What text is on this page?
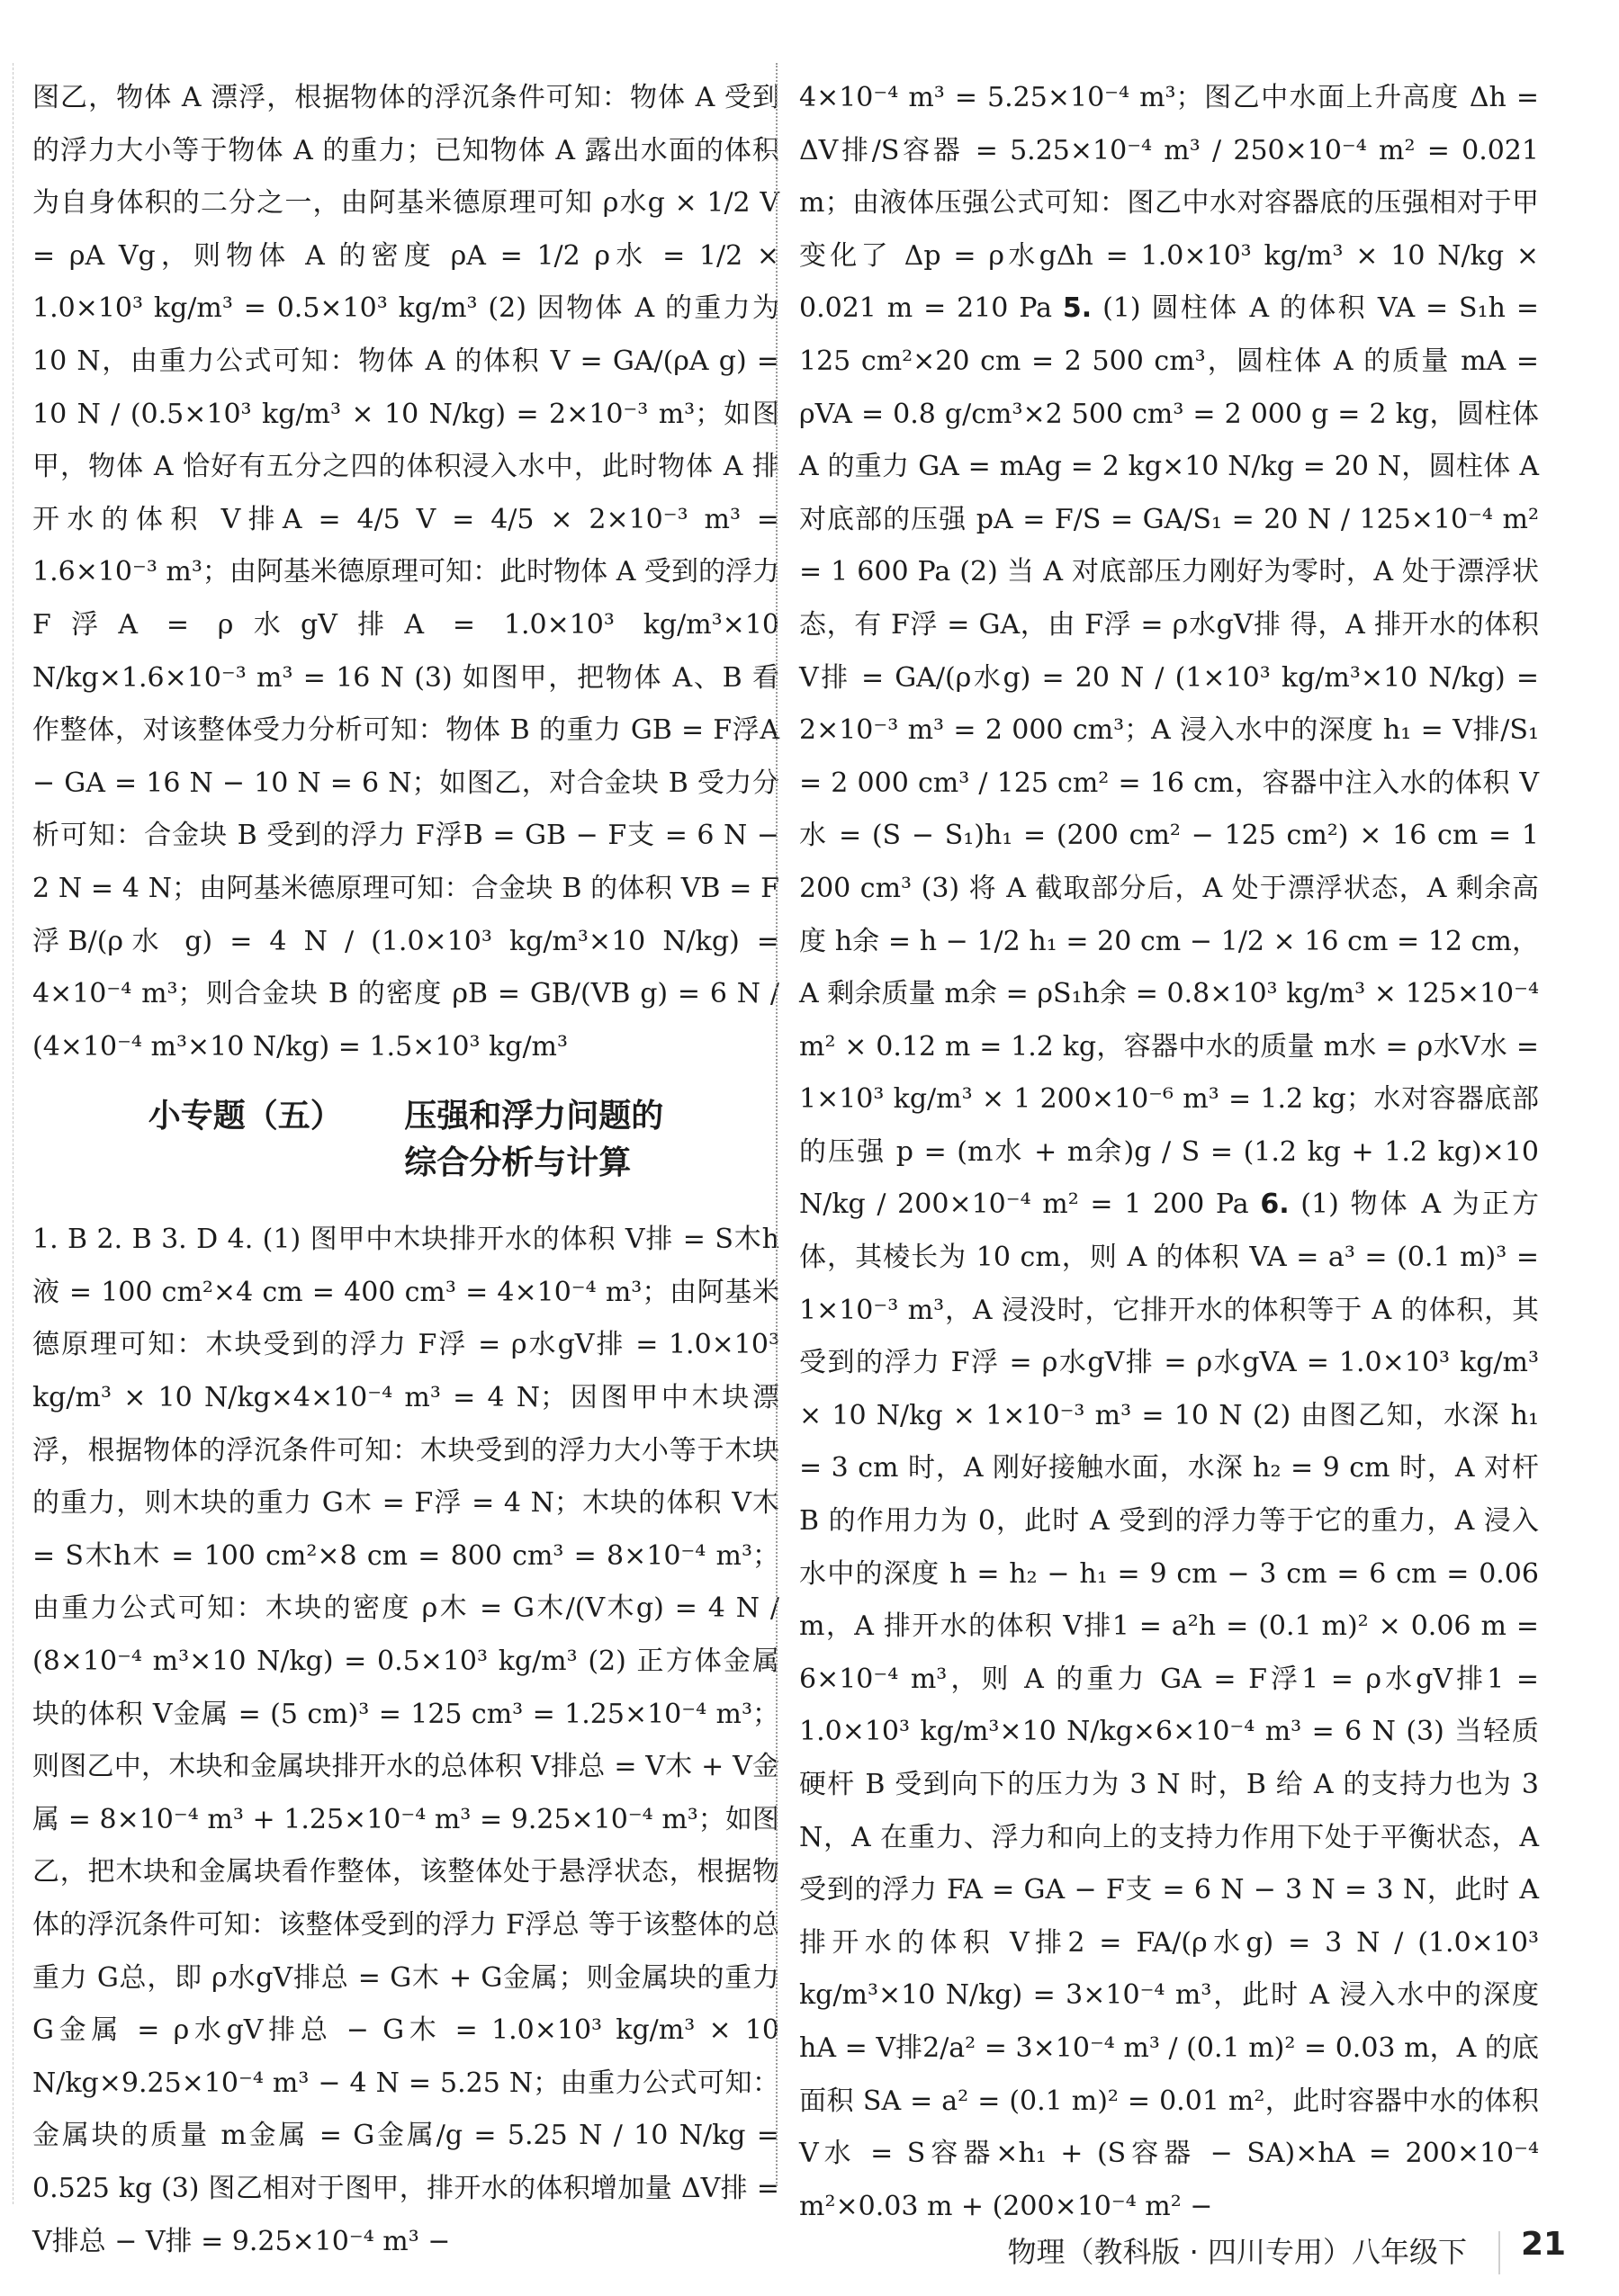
图乙，物体 A 漂浮，根据物体的浮沉条件可知：物体 A 受到的浮力大小等于物体 A 的重力；已知物体 A 露出水面的体积为自身体积的二分之一，由阿基米德原理可知 ρ水g × 1/2 V = ρA Vg，则物体 A 的密度 ρA = 1/2 ρ水 = 1/2 × 1.0×10³ kg/m³ = 0.5×10³ kg/m³ (2) 因物体 A 的重力为 10 N，由重力公式可知：物体 A 的体积 V = GA/(ρA g) = 10 N / (0.5×10³ kg/m³ × 10 N/kg) = 2×10⁻³ m³；如图甲，物体 A 恰好有五分之四的体积浸入水中，此时物体 A 排开水的体积 V排A = 4/5 V = 4/5 × 2×10⁻³ m³ = 1.6×10⁻³ m³；由阿基米德原理可知：此时物体 A 受到的浮力 F浮A = ρ水gV排A = 1.0×10³ kg/m³×10 N/kg×1.6×10⁻³ m³ = 16 N (3) 如图甲，把物体 A、B 看作整体，对该整体受力分析可知：物体 B 的重力 GB = F浮A − GA = 16 N − 10 N = 6 N；如图乙，对合金块 B 受力分析可知：合金块 B 受到的浮力 F浮B = GB − F支 = 6 N − 2 N = 4 N；由阿基米德原理可知：合金块 B 的体积 VB = F浮B/(ρ水 g) = 4 N / (1.0×10³ kg/m³×10 N/kg) = 4×10⁻⁴ m³；则合金块 B 的密度 ρB = GB/(VB g) = 6 N / (4×10⁻⁴ m³×10 N/kg) = 1.5×10³ kg/m³

小专题（五） 压强和浮力问题的
综合分析与计算

1. B 2. B 3. D 4. (1) 图甲中木块排开水的体积 V排 = S木h液 = 100 cm²×4 cm = 400 cm³ = 4×10⁻⁴ m³；由阿基米德原理可知：木块受到的浮力 F浮 = ρ水gV排 = 1.0×10³ kg/m³ × 10 N/kg×4×10⁻⁴ m³ = 4 N；因图甲中木块漂浮，根据物体的浮沉条件可知：木块受到的浮力大小等于木块的重力，则木块的重力 G木 = F浮 = 4 N；木块的体积 V木 = S木h木 = 100 cm²×8 cm = 800 cm³ = 8×10⁻⁴ m³；由重力公式可知：木块的密度 ρ木 = G木/(V木g) = 4 N / (8×10⁻⁴ m³×10 N/kg) = 0.5×10³ kg/m³ (2) 正方体金属块的体积 V金属 = (5 cm)³ = 125 cm³ = 1.25×10⁻⁴ m³；则图乙中，木块和金属块排开水的总体积 V排总 = V木 + V金属 = 8×10⁻⁴ m³ + 1.25×10⁻⁴ m³ = 9.25×10⁻⁴ m³；如图乙，把木块和金属块看作整体，该整体处于悬浮状态，根据物体的浮沉条件可知：该整体受到的浮力 F浮总 等于该整体的总重力 G总，即 ρ水gV排总 = G木 + G金属；则金属块的重力 G金属 = ρ水gV排总 − G木 = 1.0×10³ kg/m³ × 10 N/kg×9.25×10⁻⁴ m³ − 4 N = 5.25 N；由重力公式可知：金属块的质量 m金属 = G金属/g = 5.25 N / 10 N/kg = 0.525 kg (3) 图乙相对于图甲，排开水的体积增加量 ΔV排 = V排总 − V排 = 9.25×10⁻⁴ m³ −

4×10⁻⁴ m³ = 5.25×10⁻⁴ m³；图乙中水面上升高度 Δh = ΔV排/S容器 = 5.25×10⁻⁴ m³ / 250×10⁻⁴ m² = 0.021 m；由液体压强公式可知：图乙中水对容器底的压强相对于甲变化了 Δp = ρ水gΔh = 1.0×10³ kg/m³ × 10 N/kg × 0.021 m = 210 Pa 5. (1) 圆柱体 A 的体积 VA = S₁h = 125 cm²×20 cm = 2 500 cm³，圆柱体 A 的质量 mA = ρVA = 0.8 g/cm³×2 500 cm³ = 2 000 g = 2 kg，圆柱体 A 的重力 GA = mAg = 2 kg×10 N/kg = 20 N，圆柱体 A 对底部的压强 pA = F/S = GA/S₁ = 20 N / 125×10⁻⁴ m² = 1 600 Pa (2) 当 A 对底部压力刚好为零时，A 处于漂浮状态，有 F浮 = GA，由 F浮 = ρ水gV排 得，A 排开水的体积 V排 = GA/(ρ水g) = 20 N / (1×10³ kg/m³×10 N/kg) = 2×10⁻³ m³ = 2 000 cm³；A 浸入水中的深度 h₁ = V排/S₁ = 2 000 cm³ / 125 cm² = 16 cm，容器中注入水的体积 V水 = (S − S₁)h₁ = (200 cm² − 125 cm²) × 16 cm = 1 200 cm³ (3) 将 A 截取部分后，A 处于漂浮状态，A 剩余高度 h余 = h − 1/2 h₁ = 20 cm − 1/2 × 16 cm = 12 cm，A 剩余质量 m余 = ρS₁h余 = 0.8×10³ kg/m³ × 125×10⁻⁴ m² × 0.12 m = 1.2 kg，容器中水的质量 m水 = ρ水V水 = 1×10³ kg/m³ × 1 200×10⁻⁶ m³ = 1.2 kg；水对容器底部的压强 p = (m水 + m余)g / S = (1.2 kg + 1.2 kg)×10 N/kg / 200×10⁻⁴ m² = 1 200 Pa 6. (1) 物体 A 为正方体，其棱长为 10 cm，则 A 的体积 VA = a³ = (0.1 m)³ = 1×10⁻³ m³，A 浸没时，它排开水的体积等于 A 的体积，其受到的浮力 F浮 = ρ水gV排 = ρ水gVA = 1.0×10³ kg/m³ × 10 N/kg × 1×10⁻³ m³ = 10 N (2) 由图乙知，水深 h₁ = 3 cm 时，A 刚好接触水面，水深 h₂ = 9 cm 时，A 对杆 B 的作用力为 0，此时 A 受到的浮力等于它的重力，A 浸入水中的深度 h = h₂ − h₁ = 9 cm − 3 cm = 6 cm = 0.06 m，A 排开水的体积 V排1 = a²h = (0.1 m)² × 0.06 m = 6×10⁻⁴ m³，则 A 的重力 GA = F浮1 = ρ水gV排1 = 1.0×10³ kg/m³×10 N/kg×6×10⁻⁴ m³ = 6 N (3) 当轻质硬杆 B 受到向下的压力为 3 N 时，B 给 A 的支持力也为 3 N，A 在重力、浮力和向上的支持力作用下处于平衡状态，A 受到的浮力 FA = GA − F支 = 6 N − 3 N = 3 N，此时 A 排开水的体积 V排2 = FA/(ρ水g) = 3 N / (1.0×10³ kg/m³×10 N/kg) = 3×10⁻⁴ m³，此时 A 浸入水中的深度 hA = V排2/a² = 3×10⁻⁴ m³ / (0.1 m)² = 0.03 m，A 的底面积 SA = a² = (0.1 m)² = 0.01 m²，此时容器中水的体积 V水 = S容器×h₁ + (S容器 − SA)×hA = 200×10⁻⁴ m²×0.03 m + (200×10⁻⁴ m² −

物理（教科版 · 四川专用）八年级下 21
